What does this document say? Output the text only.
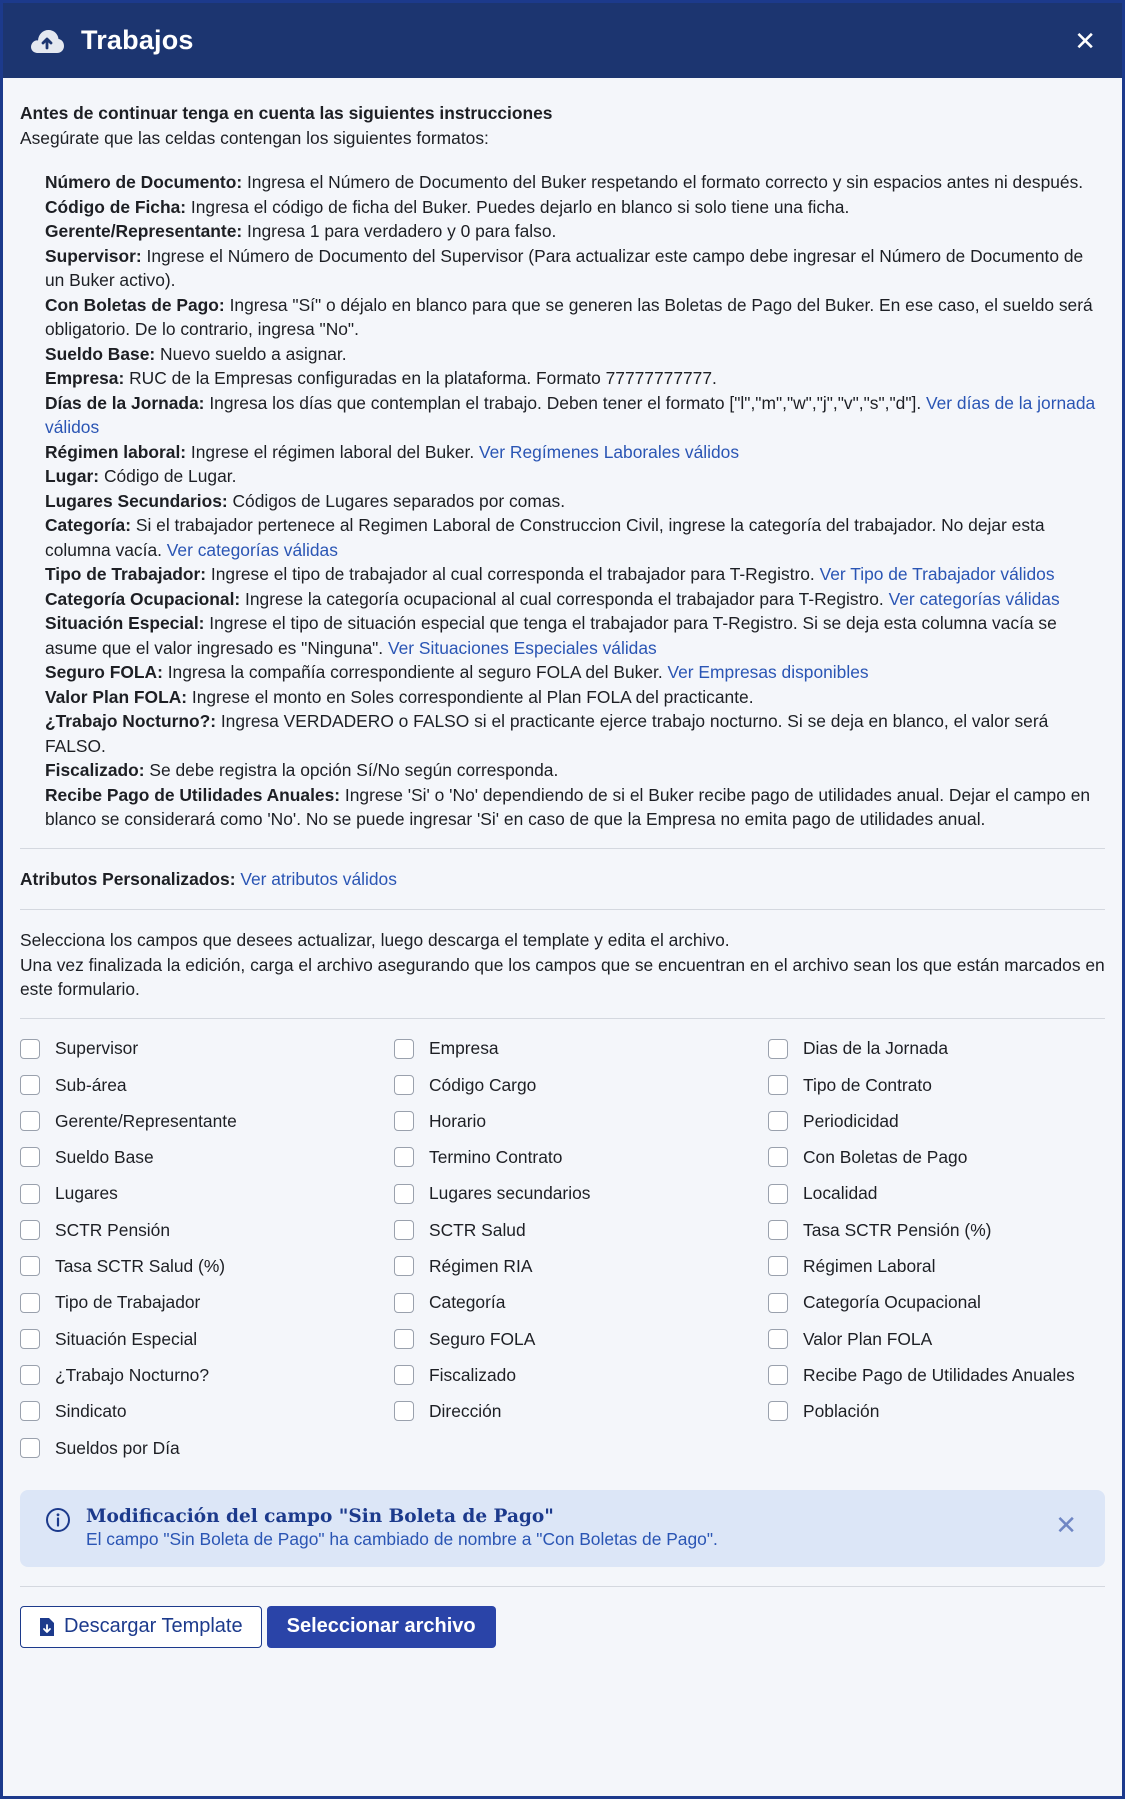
Trabajos	✕
Antes de continuar tenga en cuenta las siguientes instrucciones
Asegúrate que las celdas contengan los siguientes formatos:
Número de Documento: Ingresa el Número de Documento del Buker respetando el formato correcto y sin espacios antes ni después.
Código de Ficha: Ingresa el código de ficha del Buker. Puedes dejarlo en blanco si solo tiene una ficha.
Gerente/Representante: Ingresa 1 para verdadero y 0 para falso.
Supervisor: Ingrese el Número de Documento del Supervisor (Para actualizar este campo debe ingresar el Número de Documento de un Buker activo).
Con Boletas de Pago: Ingresa "Sí" o déjalo en blanco para que se generen las Boletas de Pago del Buker. En ese caso, el sueldo será obligatorio. De lo contrario, ingresa "No".
Sueldo Base: Nuevo sueldo a asignar.
Empresa: RUC de la Empresas configuradas en la plataforma. Formato 77777777777.
Días de la Jornada: Ingresa los días que contemplan el trabajo. Deben tener el formato ["l","m","w","j","v","s","d"]. Ver días de la jornada válidos
Régimen laboral: Ingrese el régimen laboral del Buker. Ver Regímenes Laborales válidos
Lugar: Código de Lugar.
Lugares Secundarios: Códigos de Lugares separados por comas.
Categoría: Si el trabajador pertenece al Regimen Laboral de Construccion Civil, ingrese la categoría del trabajador. No dejar esta columna vacía. Ver categorías válidas
Tipo de Trabajador: Ingrese el tipo de trabajador al cual corresponda el trabajador para T-Registro. Ver Tipo de Trabajador válidos
Categoría Ocupacional: Ingrese la categoría ocupacional al cual corresponda el trabajador para T-Registro. Ver categorías válidas
Situación Especial: Ingrese el tipo de situación especial que tenga el trabajador para T-Registro. Si se deja esta columna vacía se asume que el valor ingresado es "Ninguna". Ver Situaciones Especiales válidas
Seguro FOLA: Ingresa la compañía correspondiente al seguro FOLA del Buker. Ver Empresas disponibles
Valor Plan FOLA: Ingrese el monto en Soles correspondiente al Plan FOLA del practicante.
¿Trabajo Nocturno?: Ingresa VERDADERO o FALSO si el practicante ejerce trabajo nocturno. Si se deja en blanco, el valor será FALSO.
Fiscalizado: Se debe registra la opción Sí/No según corresponda.
Recibe Pago de Utilidades Anuales: Ingrese 'Si' o 'No' dependiendo de si el Buker recibe pago de utilidades anual. Dejar el campo en blanco se considerará como 'No'. No se puede ingresar 'Si' en caso de que la Empresa no emita pago de utilidades anual.
Atributos Personalizados: Ver atributos válidos
Selecciona los campos que desees actualizar, luego descarga el template y edita el archivo.
Una vez finalizada la edición, carga el archivo asegurando que los campos que se encuentran en el archivo sean los que están marcados en este formulario.
Supervisor	Empresa	Dias de la Jornada
Sub-área	Código Cargo	Tipo de Contrato
Gerente/Representante	Horario	Periodicidad
Sueldo Base	Termino Contrato	Con Boletas de Pago
Lugares	Lugares secundarios	Localidad
SCTR Pensión	SCTR Salud	Tasa SCTR Pensión (%)
Tasa SCTR Salud (%)	Régimen RIA	Régimen Laboral
Tipo de Trabajador	Categoría	Categoría Ocupacional
Situación Especial	Seguro FOLA	Valor Plan FOLA
¿Trabajo Nocturno?	Fiscalizado	Recibe Pago de Utilidades Anuales
Sindicato	Dirección	Población
Sueldos por Día
Modificación del campo "Sin Boleta de Pago"
El campo "Sin Boleta de Pago" ha cambiado de nombre a "Con Boletas de Pago".	✕
Descargar Template	Seleccionar archivo
